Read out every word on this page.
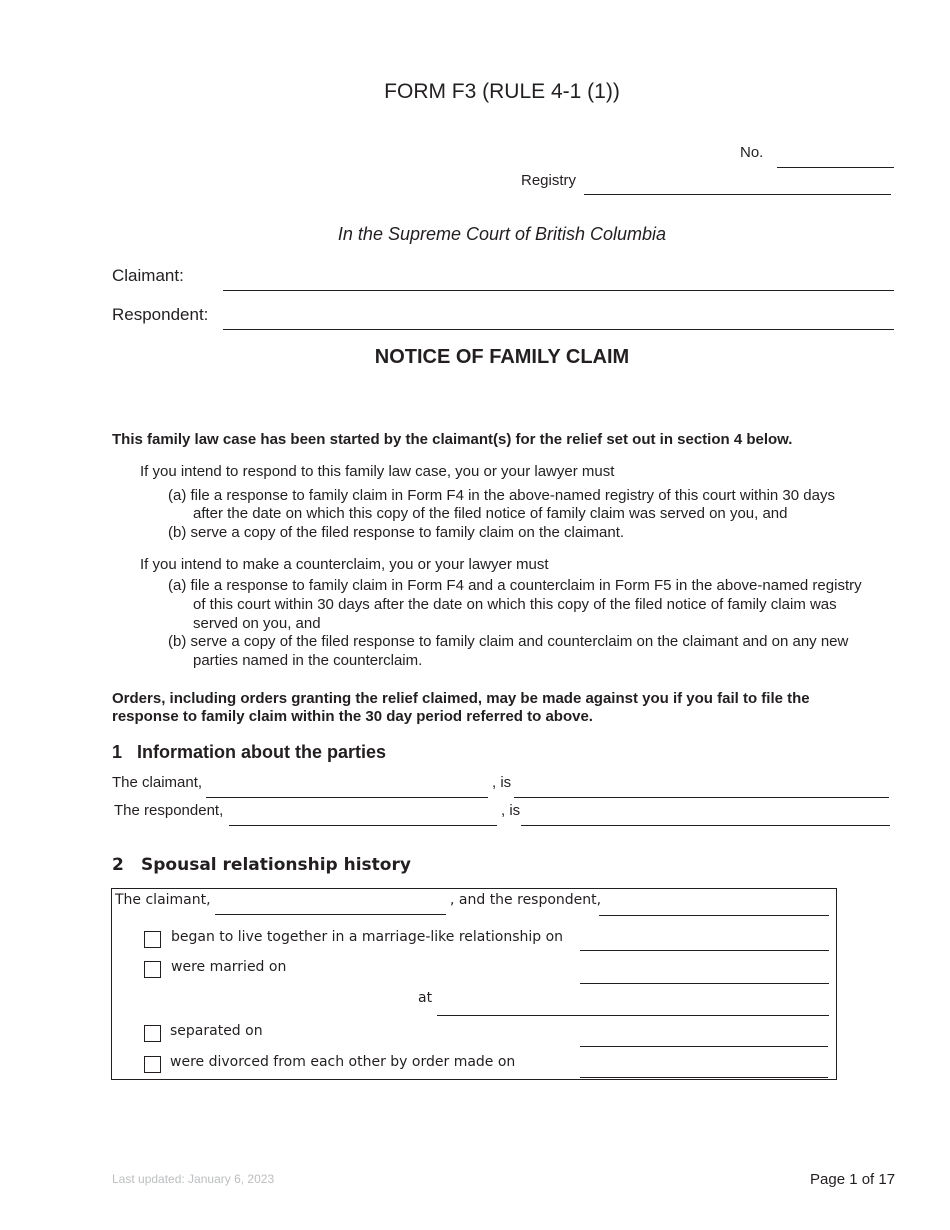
FORM F3 (RULE 4-1 (1))
No.
Registry
In the Supreme Court of British Columbia
Claimant:
Respondent:
NOTICE OF FAMILY CLAIM
This family law case has been started by the claimant(s) for the relief set out in section 4 below.
If you intend to respond to this family law case, you or your lawyer must
(a) file a response to family claim in Form F4 in the above-named registry of this court within 30 days
after the date on which this copy of the filed notice of family claim was served on you, and
(b) serve a copy of the filed response to family claim on the claimant.
If you intend to make a counterclaim, you or your lawyer must
(a) file a response to family claim in Form F4 and a counterclaim in Form F5 in the above-named registry
of this court within 30 days after the date on which this copy of the filed notice of family claim was
served on you, and
(b) serve a copy of the filed response to family claim and counterclaim on the claimant and on any new
parties named in the counterclaim.
Orders, including orders granting the relief claimed, may be made against you if you fail to file the
response to family claim within the 30 day period referred to above.
1 Information about the parties
The claimant,	, is
The respondent,	, is
2 Spousal relationship history
The claimant,	, and the respondent,
began to live together in a marriage-like relationship on
were married on
at
separated on
were divorced from each other by order made on
Last updated: January 6, 2023	Page 1 of 17
